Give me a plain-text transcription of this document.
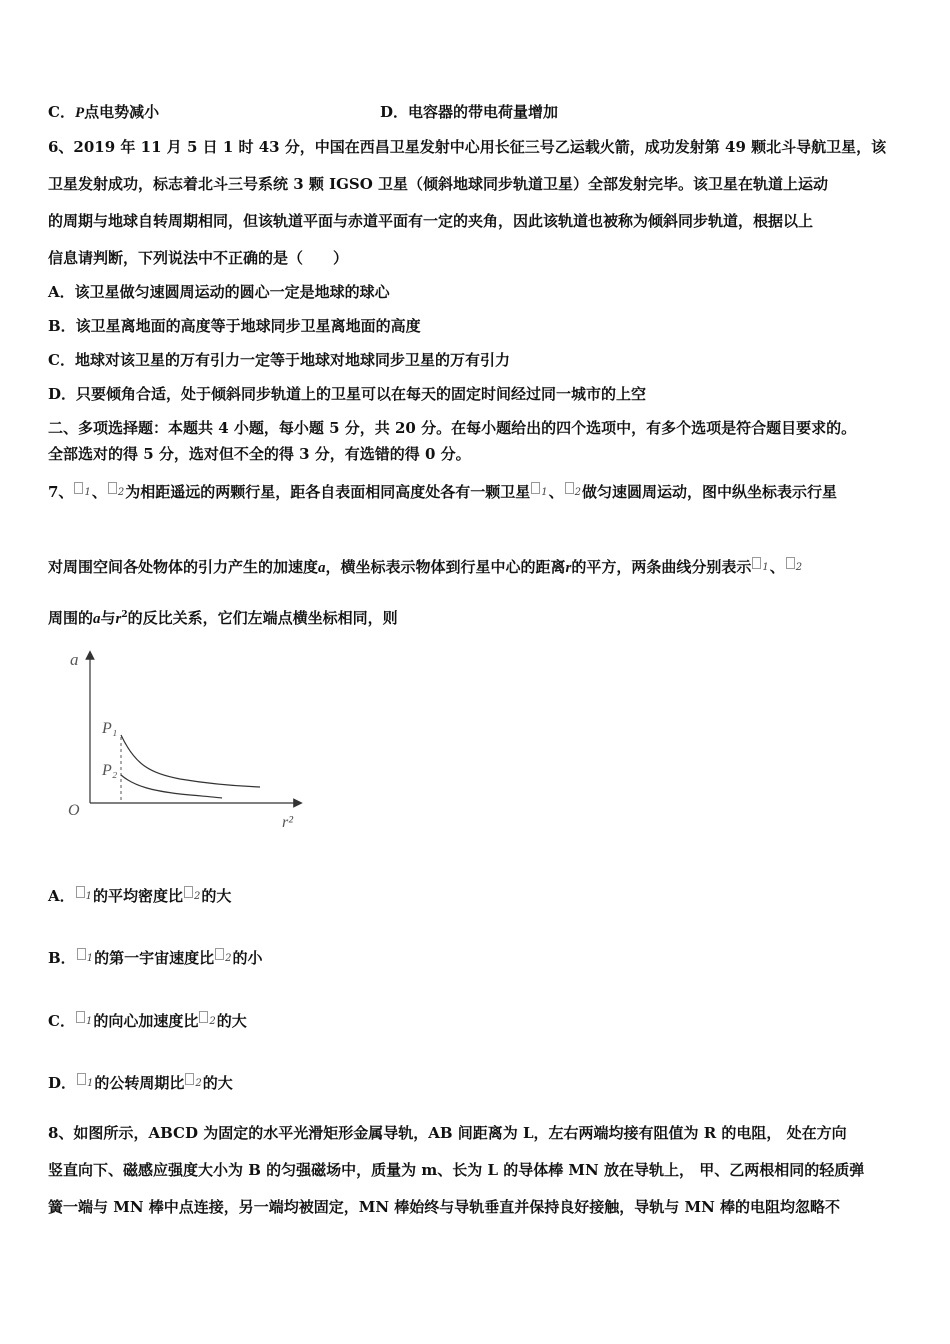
C．P点电势减小	D．电容器的带电荷量增加
6、2019 年 11 月 5 日 1 时 43 分，中国在西昌卫星发射中心用长征三号乙运载火箭，成功发射第 49 颗北斗导航卫星，该
卫星发射成功，标志着北斗三号系统 3 颗 IGSO 卫星（倾斜地球同步轨道卫星）全部发射完毕。该卫星在轨道上运动
的周期与地球自转周期相同，但该轨道平面与赤道平面有一定的夹角，因此该轨道也被称为倾斜同步轨道，根据以上
信息请判断，下列说法中不正确的是（　　）
A．该卫星做匀速圆周运动的圆心一定是地球的球心
B．该卫星离地面的高度等于地球同步卫星离地面的高度
C．地球对该卫星的万有引力一定等于地球对地球同步卫星的万有引力
D．只要倾角合适，处于倾斜同步轨道上的卫星可以在每天的固定时间经过同一城市的上空
二、多项选择题：本题共 4 小题，每小题 5 分，共 20 分。在每小题给出的四个选项中，有多个选项是符合题目要求的。
全部选对的得 5 分，选对但不全的得 3 分，有选错的得 0 分。
7、 $^1$、 $^2$为相距遥远的两颗行星，距各自表面相同高度处各有一颗卫星 $^1$、 $^2$做匀速圆周运动，图中纵坐标表示行星
对周围空间各处物体的引力产生的加速度a，横坐标表示物体到行星中心的距离r的平方，两条曲线分别表示 $^1$、 $^2$
周围的a与$r^2$的反比关系，它们左端点横坐标相同，则
a
r²
O
P₁
P₂
A． $^1$的平均密度比 $^2$的大
B． $^1$的第一宇宙速度比 $^2$的小
C． $^1$的向心加速度比 $^2$的大
D． $^1$的公转周期比 $^2$的大
8、如图所示，ABCD 为固定的水平光滑矩形金属导轨，AB 间距离为 L，左右两端均接有阻值为 R 的电阻， 处在方向
竖直向下、磁感应强度大小为 B 的匀强磁场中，质量为 m、长为 L 的导体棒 MN 放在导轨上， 甲、乙两根相同的轻质弹
簧一端与 MN 棒中点连接，另一端均被固定，MN 棒始终与导轨垂直并保持良好接触，导轨与 MN 棒的电阻均忽略不
